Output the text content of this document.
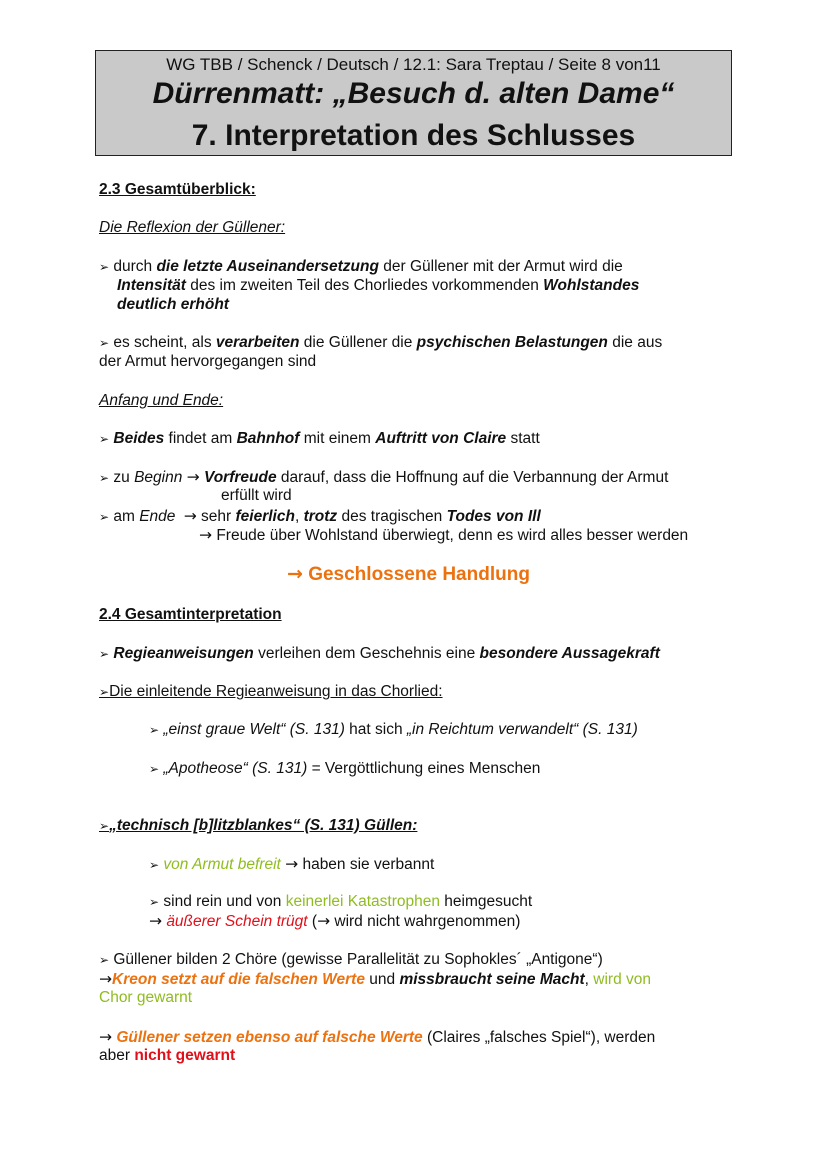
WG TBB / Schenck / Deutsch / 12.1: Sara Treptau / Seite 8 von11
Dürrenmatt: „Besuch d. alten Dame“
7. Interpretation des Schlusses
2.3 Gesamtüberblick:
Die Reflexion der Güllener:
➢ durch die letzte Auseinandersetzung der Güllener mit der Armut wird die
Intensität des im zweiten Teil des Chorliedes vorkommenden Wohlstandes
deutlich erhöht
➢ es scheint, als verarbeiten die Güllener die psychischen Belastungen die aus
der Armut hervorgegangen sind
Anfang und Ende:
➢ Beides findet am Bahnhof mit einem Auftritt von Claire statt
➢ zu Beginn → Vorfreude darauf, dass die Hoffnung auf die Verbannung der Armut
erfüllt wird
➢ am Ende → sehr feierlich, trotz des tragischen Todes von Ill
→ Freude über Wohlstand überwiegt, denn es wird alles besser werden
→ Geschlossene Handlung
2.4 Gesamtinterpretation
➢ Regieanweisungen verleihen dem Geschehnis eine besondere Aussagekraft
➢Die einleitende Regieanweisung in das Chorlied:
➢ „einst graue Welt“ (S. 131) hat sich „in Reichtum verwandelt“ (S. 131)
➢ „Apotheose“ (S. 131) = Vergöttlichung eines Menschen
➢„technisch [b]litzblankes“ (S. 131) Güllen:
➢ von Armut befreit → haben sie verbannt
➢ sind rein und von keinerlei Katastrophen heimgesucht
→ äußerer Schein trügt (→ wird nicht wahrgenommen)
➢ Güllener bilden 2 Chöre (gewisse Parallelität zu Sophokles´ „Antigone“)
→Kreon setzt auf die falschen Werte und missbraucht seine Macht, wird von
Chor gewarnt
→ Güllener setzen ebenso auf falsche Werte (Claires „falsches Spiel“), werden
aber nicht gewarnt
